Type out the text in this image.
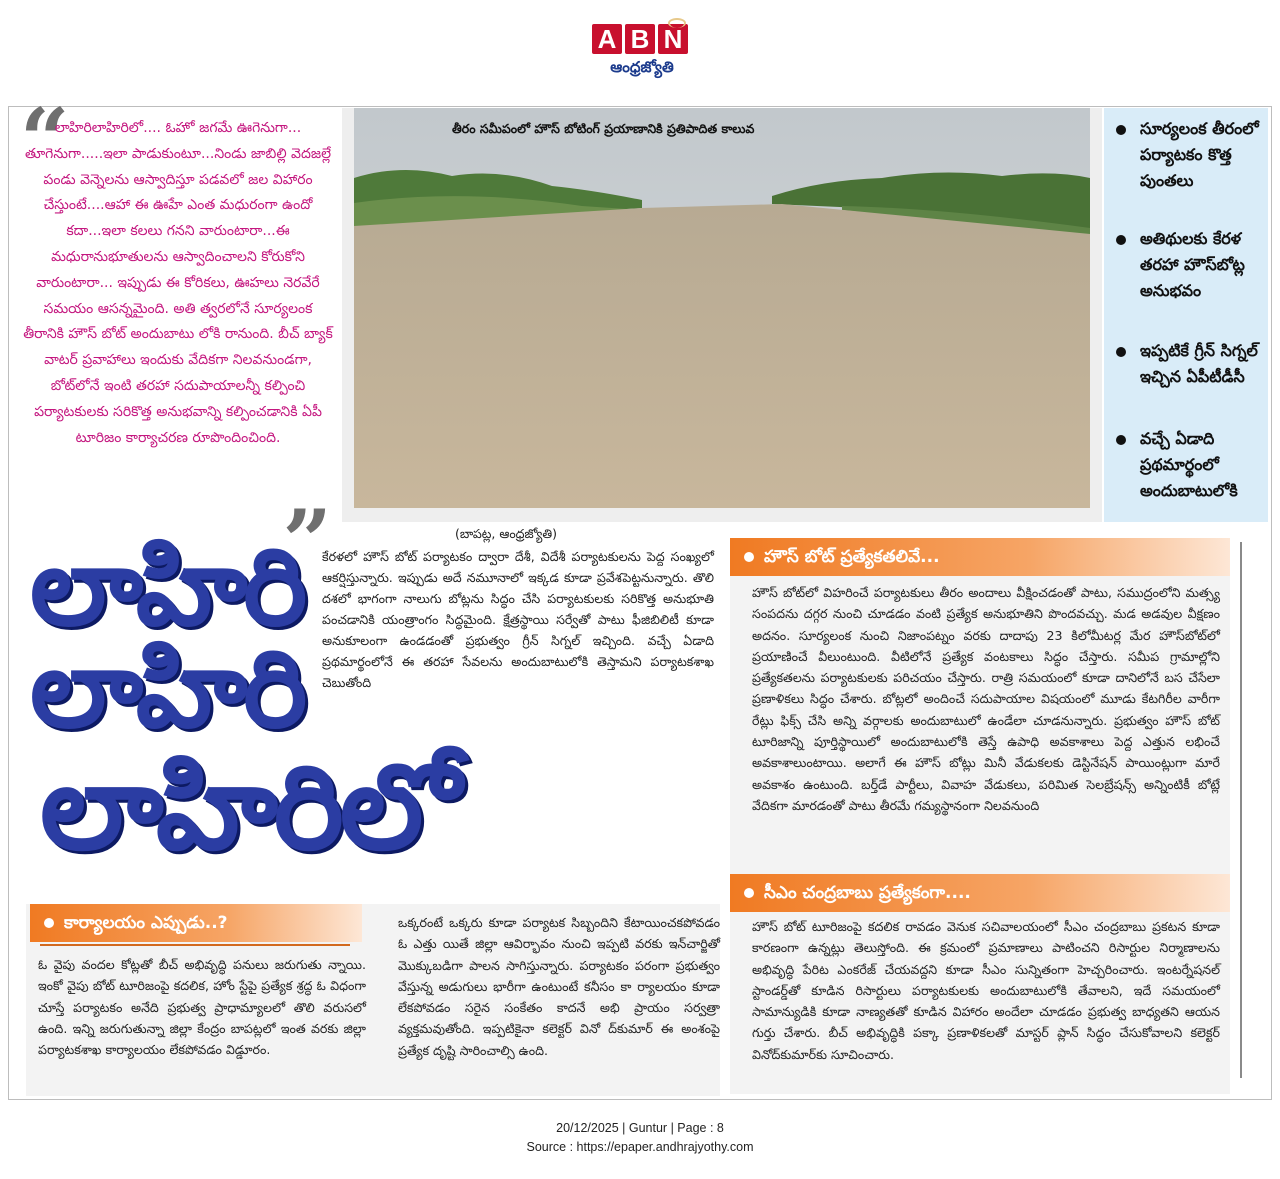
A B N
ఆంధ్రజ్యోతి
“
లాహిరిలాహిరిలో.... ఓహో జగమే ఊగెనుగా... తూగెనుగా.....ఇలా పాడుకుంటూ...నిండు జాబిల్లి వెదజల్లే పండు వెన్నెలను ఆస్వాదిస్తూ పడవలో జల విహారం చేస్తుంటే....ఆహా ఈ ఊహే ఎంత మధురంగా ఉందో కదా...ఇలా కలలు గనని వారుంటారా...ఈ మధురానుభూతులను ఆస్వాదించాలని కోరుకోని వారుంటారా... ఇప్పుడు ఈ కోరికలు, ఊహలు నెరవేరే సమయం ఆసన్నమైంది. అతి త్వరలోనే సూర్యలంక తీరానికి హౌస్ బోట్ అందుబాటు లోకి రానుంది. బీచ్ బ్యాక్ వాటర్ ప్రవాహాలు ఇందుకు వేదికగా నిలవనుండగా, బోట్‌లోనే ఇంటి తరహా సదుపాయాలన్నీ కల్పించి పర్యాటకులకు సరికొత్త అనుభవాన్ని కల్పించడానికి ఏపీ టూరిజం కార్యాచరణ రూపొందించింది.
„
తీరం సమీపంలో హౌస్ బోటింగ్ ప్రయాణానికి ప్రతిపాదిత కాలువ	సూర్యలంక తీరంలో పర్యాటకం కొత్త పుంతలు
అతిథులకు కేరళ తరహా హౌస్‌బోట్ల అనుభవం
ఇప్పటికే గ్రీన్ సిగ్నల్ ఇచ్చిన ఏపీటీడీసీ
వచ్చే ఏడాది ప్రథమార్థంలో అందుబాటులోకి
లాహిరి
లాహిరి
లాహిరిలో
(బాపట్ల, ఆంధ్రజ్యోతి)
కేరళలో హౌస్ బోట్ పర్యాటకం ద్వారా దేశీ, విదేశీ పర్యాటకులను పెద్ద సంఖ్యలో ఆకర్షిస్తున్నారు. ఇప్పుడు అదే నమూనాలో ఇక్కడ కూడా ప్రవేశపెట్టనున్నారు. తొలి దశలో భాగంగా నాలుగు బోట్లను సిద్ధం చేసి పర్యాటకులకు సరికొత్త అనుభూతి పంచడానికి యంత్రాంగం సిద్ధమైంది. క్షేత్రస్థాయి సర్వేతో పాటు ఫీజిబిలిటీ కూడా అనుకూలంగా ఉండడంతో ప్రభుత్వం గ్రీన్ సిగ్నల్ ఇచ్చింది. వచ్చే ఏడాది ప్రథమార్థంలోనే ఈ తరహా సేవలను అందుబాటులోకి తెస్తామని పర్యాటకశాఖ చెబుతోంది
హౌస్ బోట్ ప్రత్యేకతలివే...
హౌస్ బోట్‌లో విహరించే పర్యాటకులు తీరం అందాలు వీక్షించడంతో పాటు, సముద్రంలోని మత్స్య సంపదను దగ్గర నుంచి చూడడం వంటి ప్రత్యేక అనుభూతిని పొందవచ్చు. మడ అడవుల వీక్షణం అదనం. సూర్యలంక నుంచి నిజాంపట్నం వరకు దాదాపు 23 కిలోమీటర్ల మేర హౌస్‌బోట్‌లో ప్రయాణించే వీలుంటుంది. వీటిలోనే ప్రత్యేక వంటకాలు సిద్ధం చేస్తారు. సమీప గ్రామాల్లోని ప్రత్యేకతలను పర్యాటకులకు పరిచయం చేస్తారు. రాత్రి సమయంలో కూడా దానిలోనే బస చేసేలా ప్రణాళికలు సిద్ధం చేశారు. బోట్లలో అందించే సదుపాయాల విషయంలో మూడు కేటగిరీల వారీగా రేట్లు ఫిక్స్ చేసి అన్ని వర్గాలకు అందుబాటులో ఉండేలా చూడనున్నారు. ప్రభుత్వం హౌస్ బోట్ టూరిజాన్ని పూర్తిస్థాయిలో అందుబాటులోకి తెస్తే ఉపాధి అవకాశాలు పెద్ద ఎత్తున లభించే అవకాశాలుంటాయి. అలాగే ఈ హౌస్ బోట్లు మినీ వేడుకలకు డెస్టినేషన్ పాయింట్లుగా మారే అవకాశం ఉంటుంది. బర్త్‌డే పార్టీలు, వివాహ వేడుకలు, పరిమిత సెలబ్రేషన్స్ అన్నింటికీ బోట్లే వేదికగా మారడంతో పాటు తీరమే గమ్యస్థానంగా నిలవనుంది
సీఎం చంద్రబాబు ప్రత్యేకంగా....
హౌస్ బోట్ టూరిజంపై కదలిక రావడం వెనుక సచివాలయంలో సీఎం చంద్రబాబు ప్రకటన కూడా కారణంగా ఉన్నట్లు తెలుస్తోంది. ఈ క్రమంలో ప్రమాణాలు పాటించని రిసార్టుల నిర్మాణాలను అభివృద్ధి పేరిట ఎంకరేజ్ చేయవద్దని కూడా సీఎం సున్నితంగా హెచ్చరించారు. ఇంటర్నేషనల్ స్టాండర్డ్‌తో కూడిన రిసార్టులు పర్యాటకులకు అందుబాటులోకి తేవాలని, ఇదే సమయంలో సామాన్యుడికి కూడా నాణ్యతతో కూడిన విహారం అందేలా చూడడం ప్రభుత్వ బాధ్యతని ఆయన గుర్తు చేశారు. బీచ్ అభివృద్ధికి పక్కా ప్రణాళికలతో మాస్టర్ ప్లాన్ సిద్ధం చేసుకోవాలని కలెక్టర్ వినోద్‌కుమార్‌కు సూచించారు.
కార్యాలయం ఎప్పుడు..?
ఓ వైపు వందల కోట్లతో బీచ్ అభివృద్ధి పనులు జరుగుతు న్నాయి. ఇంకో వైపు బోట్ టూరిజంపై కదలిక, హోం స్టేపై ప్రత్యేక శ్రద్ధ ఓ విధంగా చూస్తే పర్యాటకం అనేది ప్రభుత్వ ప్రాధామ్యాలలో తొలి వరుసలో ఉంది. ఇన్ని జరుగుతున్నా జిల్లా కేంద్రం బాపట్లలో ఇంత వరకు జిల్లా పర్యాటకశాఖ కార్యాలయం లేకపోవడం విడ్డూరం.
ఒక్కరంటే ఒక్కరు కూడా పర్యాటక సిబ్బందిని కేటాయించకపోవడం ఓ ఎత్తు యితే జిల్లా ఆవిర్భావం నుంచి ఇప్పటి వరకు ఇన్‌చార్జితో మొక్కుబడిగా పాలన సాగిస్తున్నారు. పర్యాటకం పరంగా ప్రభుత్వం వేస్తున్న అడుగులు భారీగా ఉంటుంటే కనీసం కా ర్యాలయం కూడా లేకపోవడం సరైన సంకేతం కాదనే అభి ప్రాయం సర్వత్రా వ్యక్తమవుతోంది. ఇప్పటికైనా కలెక్టర్ వినో ద్‌కుమార్ ఈ అంశంపై ప్రత్యేక దృష్టి సారించాల్సి ఉంది.
20/12/2025 | Guntur | Page : 8
Source : https://epaper.andhrajyothy.com
